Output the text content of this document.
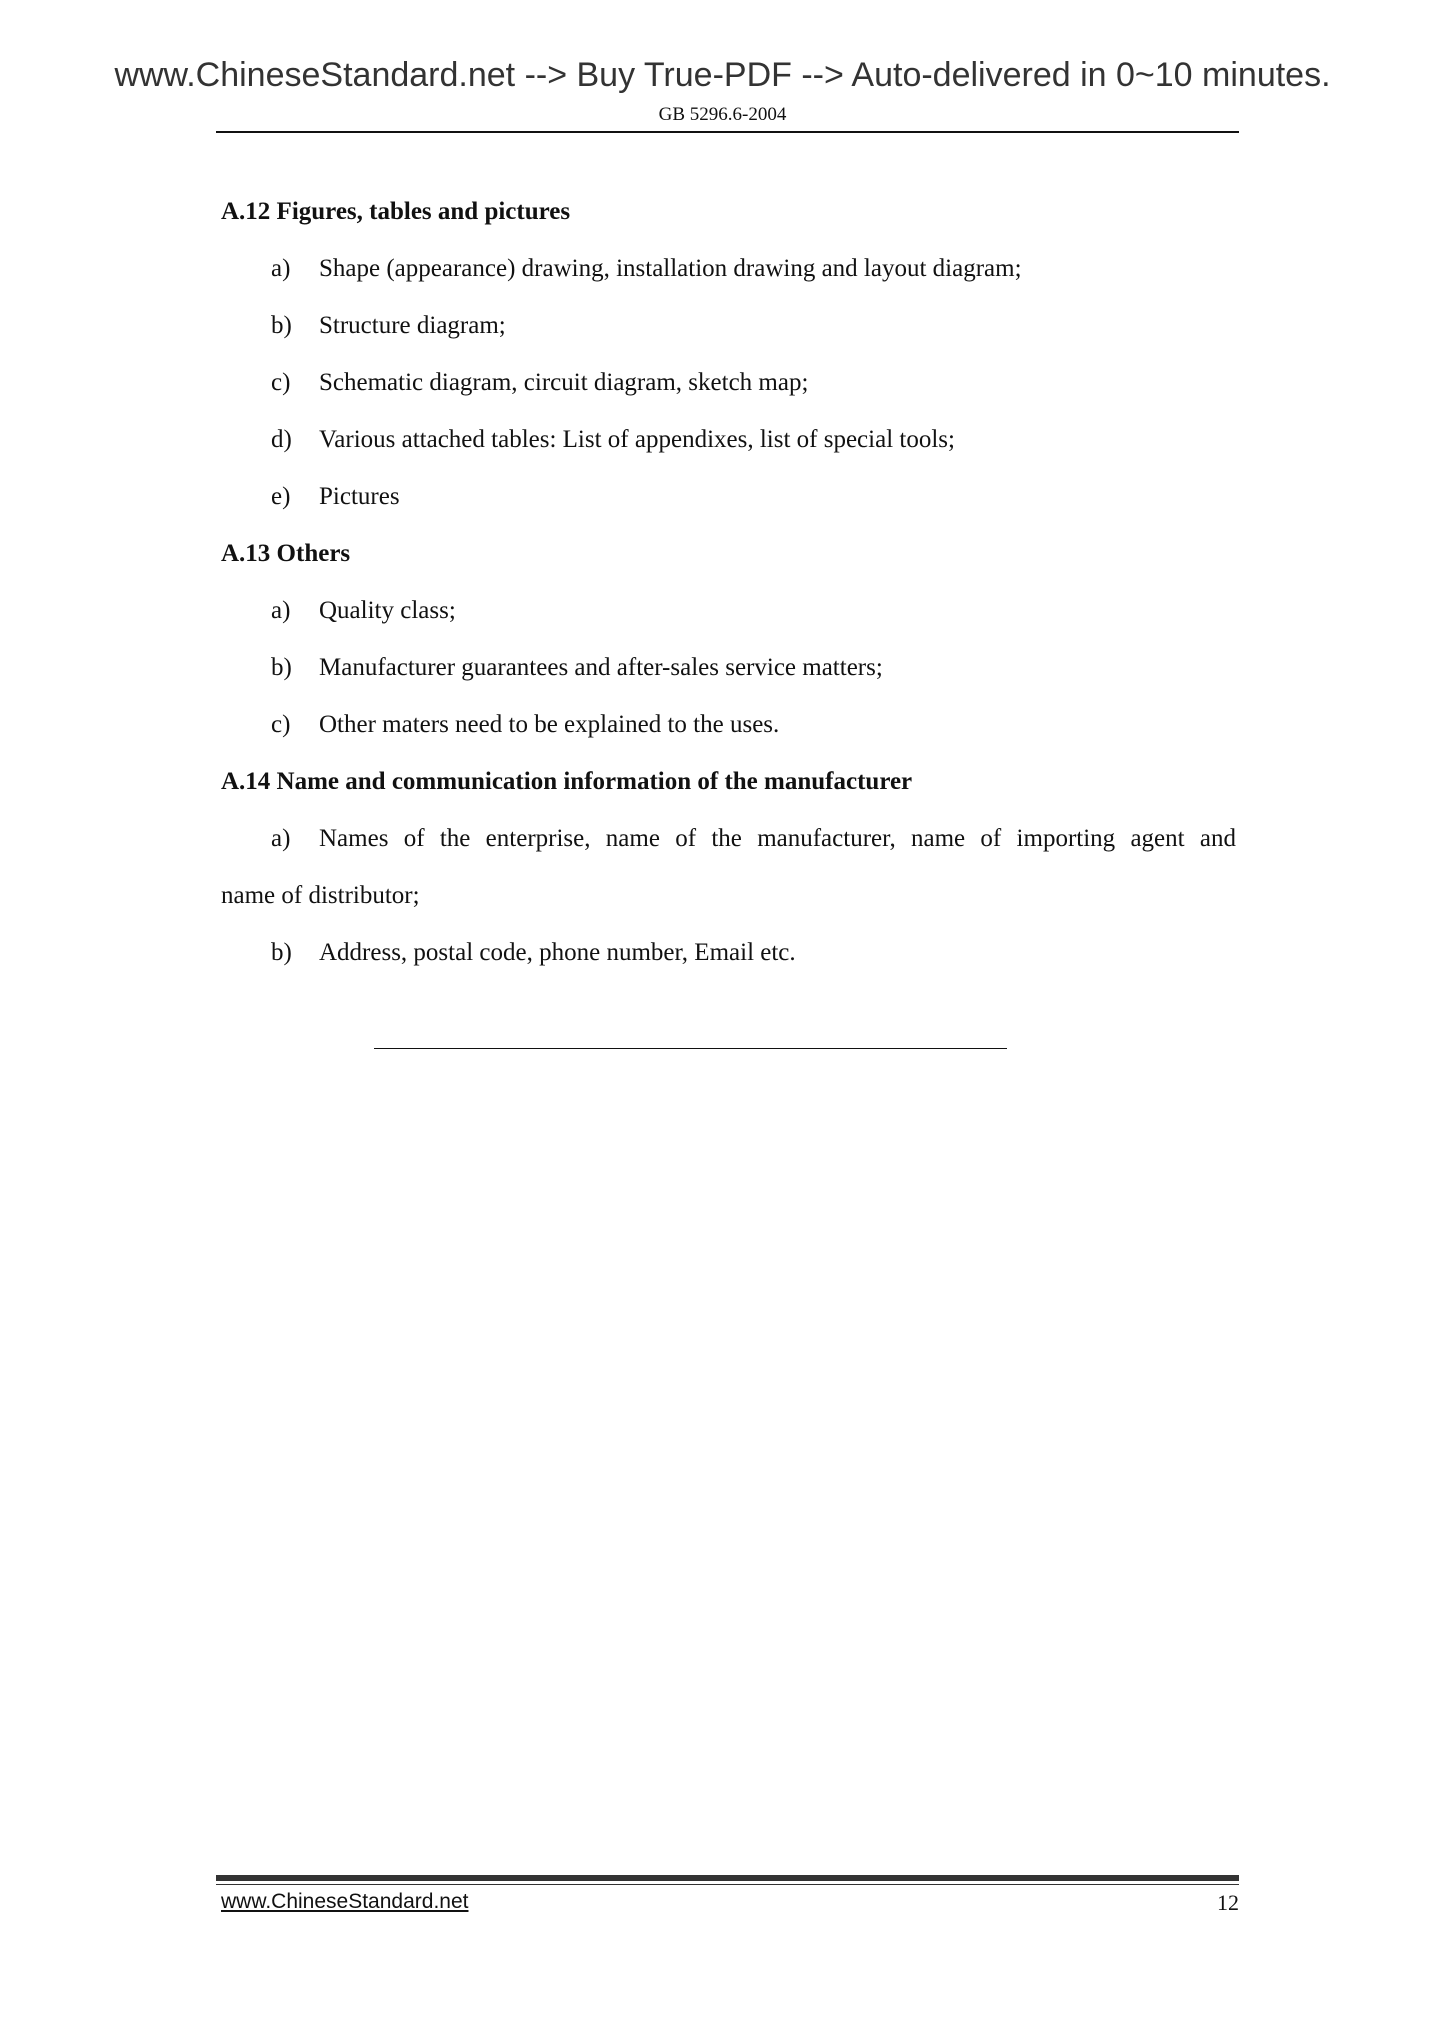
www.ChineseStandard.net --> Buy True-PDF --> Auto-delivered in 0~10 minutes.
GB 5296.6-2004
A.12 Figures, tables and pictures
a)	Shape (appearance) drawing, installation drawing and layout diagram;
b)	Structure diagram;
c)	Schematic diagram, circuit diagram, sketch map;
d)	Various attached tables: List of appendixes, list of special tools;
e)	Pictures
A.13 Others
a)	Quality class;
b)	Manufacturer guarantees and after-sales service matters;
c)	Other maters need to be explained to the uses.
A.14 Name and communication information of the manufacturer
a)	Names of the enterprise, name of the manufacturer, name of importing agent and
name of distributor;
b)	Address, postal code, phone number, Email etc.
www.ChineseStandard.net	12
